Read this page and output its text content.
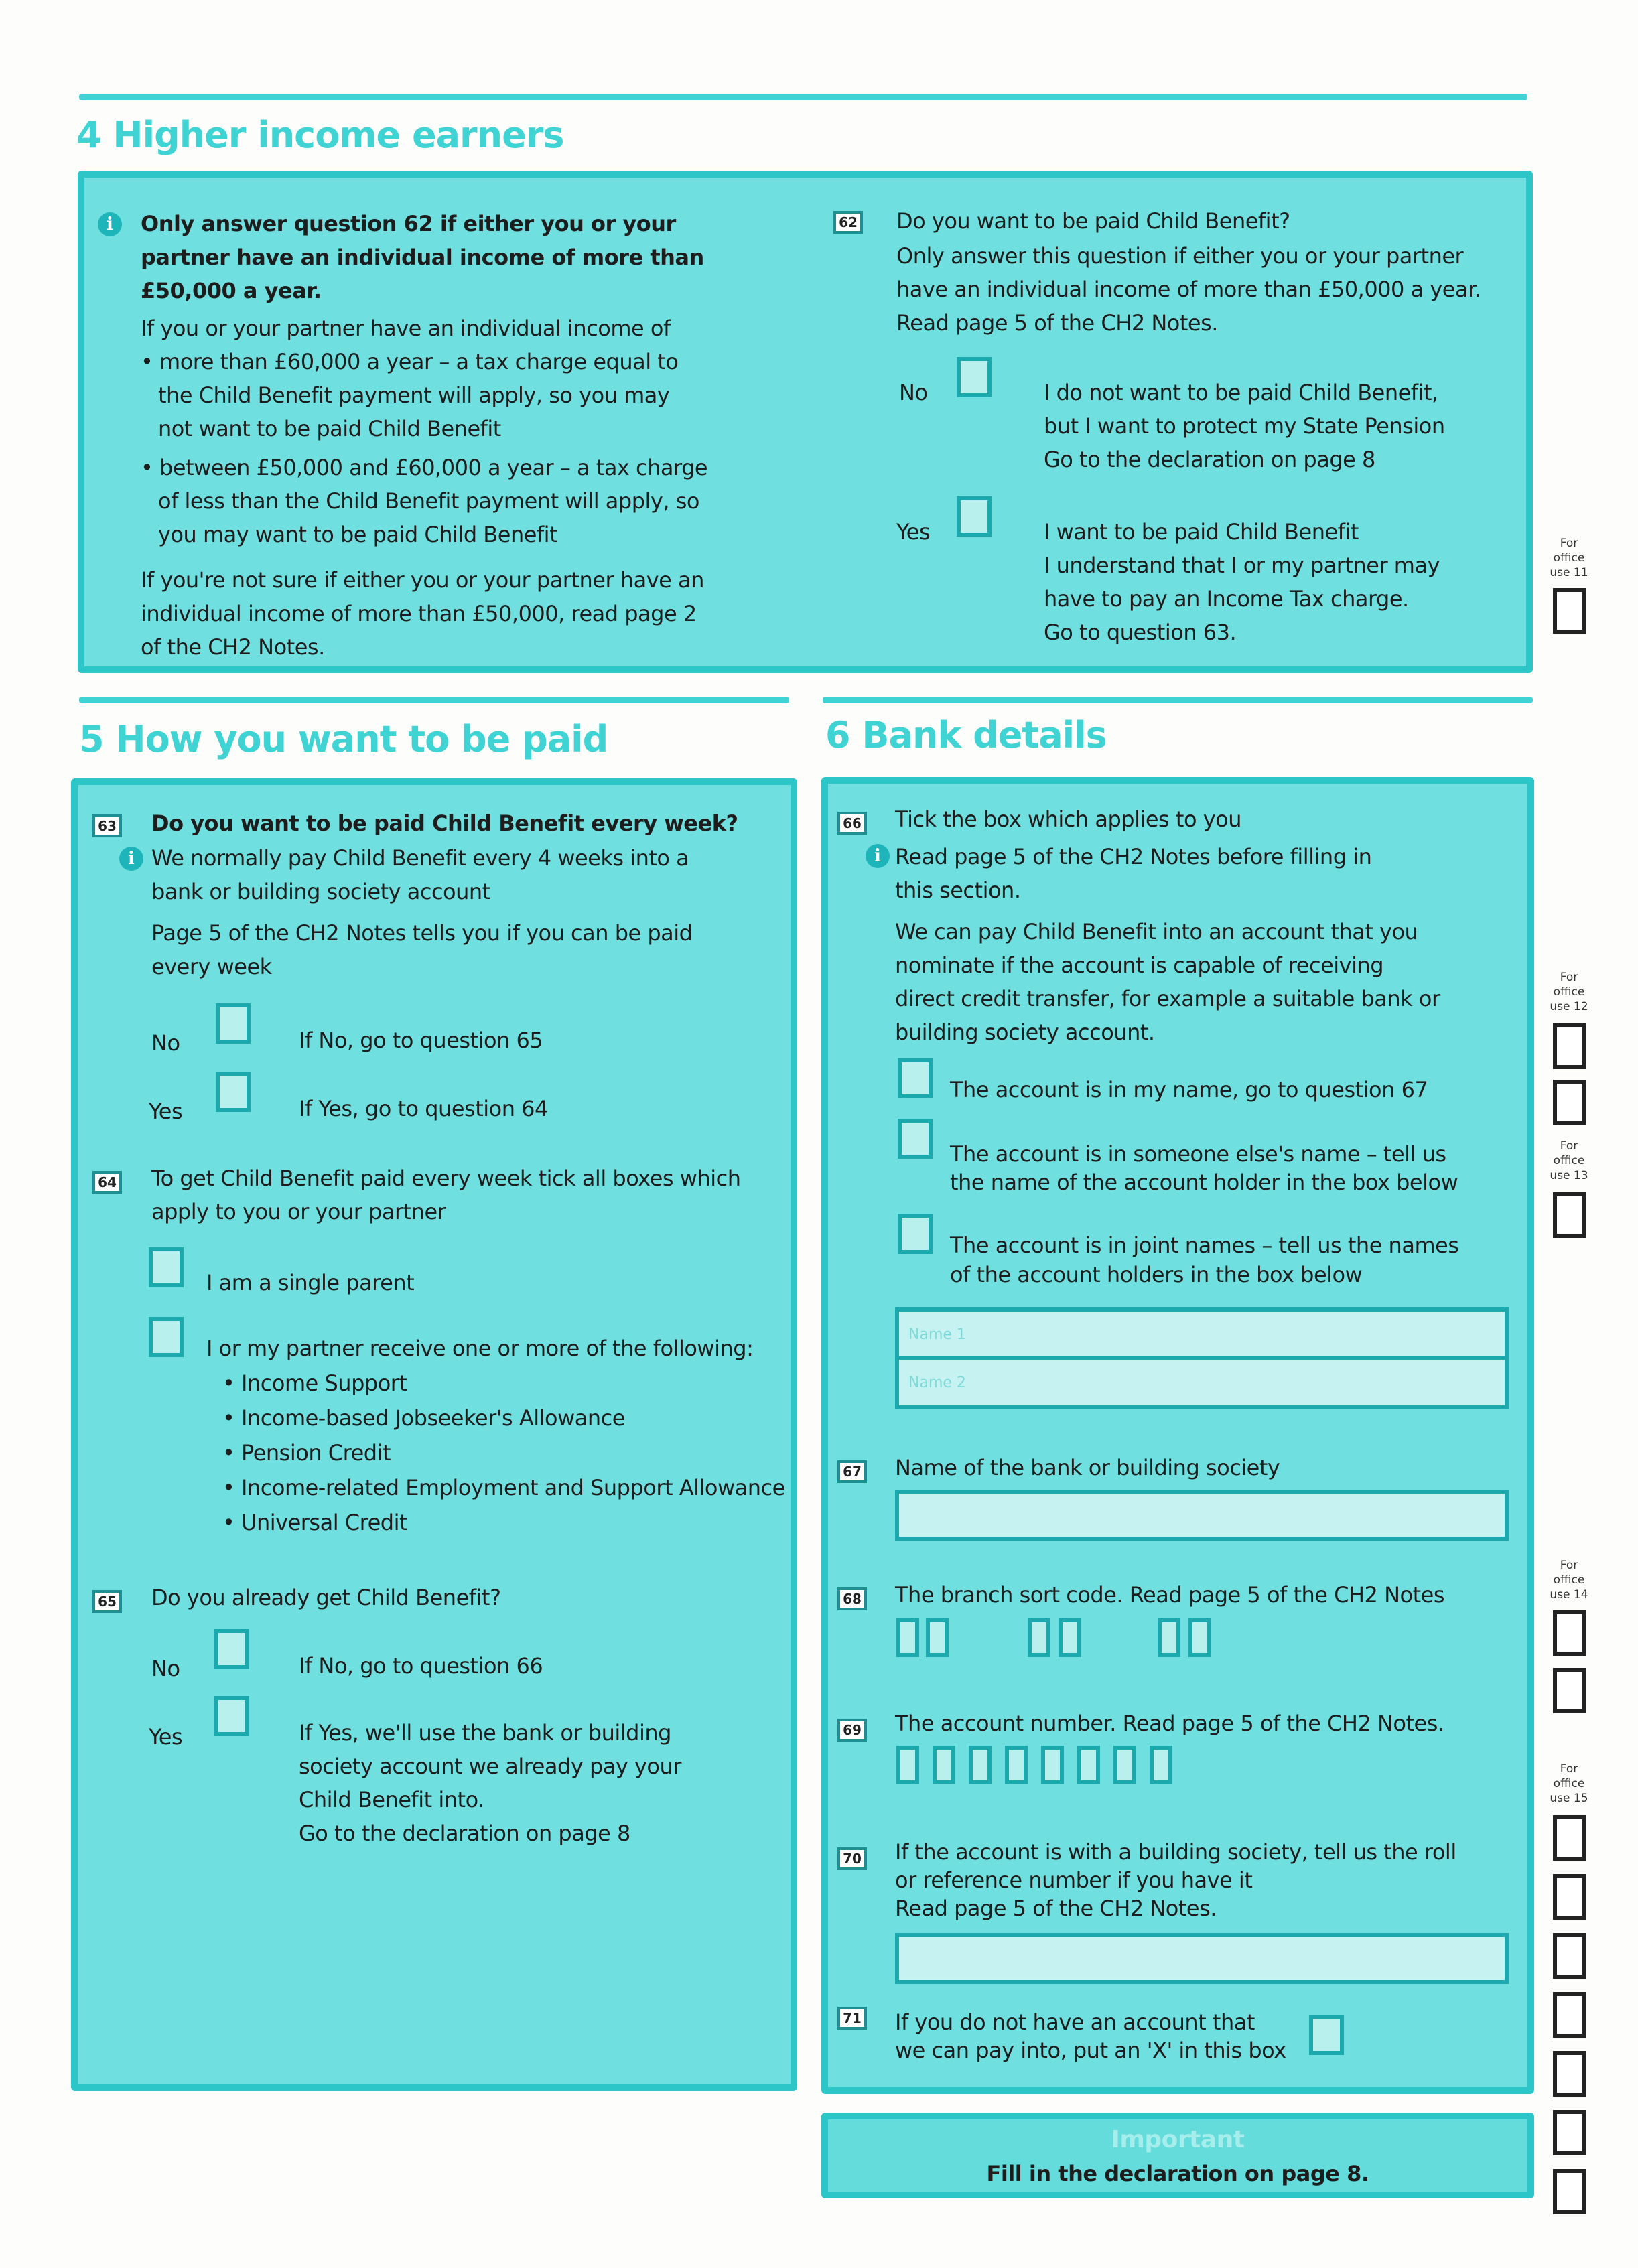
4 Higher income earners
i	Only answer question 62 if either you or your
partner have an individual income of more than
£50,000 a year.
If you or your partner have an individual income of
• more than £60,000 a year – a tax charge equal to
the Child Benefit payment will apply, so you may
not want to be paid Child Benefit
• between £50,000 and £60,000 a year – a tax charge
of less than the Child Benefit payment will apply, so
you may want to be paid Child Benefit
If you're not sure if either you or your partner have an
individual income of more than £50,000, read page 2
of the CH2 Notes.
62 Do you want to be paid Child Benefit?
Only answer this question if either you or your partner
have an individual income of more than £50,000 a year.
Read page 5 of the CH2 Notes.
No	I do not want to be paid Child Benefit,
but I want to protect my State Pension
Go to the declaration on page 8
Yes	I want to be paid Child Benefit
I understand that I or my partner may
have to pay an Income Tax charge.
Go to question 63.
5 How you want to be paid
63 Do you want to be paid Child Benefit every week?
i We normally pay Child Benefit every 4 weeks into a
bank or building society account
Page 5 of the CH2 Notes tells you if you can be paid
every week
No	If No, go to question 65
Yes	If Yes, go to question 64
64 To get Child Benefit paid every week tick all boxes which
apply to you or your partner
I am a single parent
I or my partner receive one or more of the following:
• Income Support
• Income-based Jobseeker's Allowance
• Pension Credit
• Income-related Employment and Support Allowance
• Universal Credit
65 Do you already get Child Benefit?
No	If No, go to question 66
Yes	If Yes, we'll use the bank or building
society account we already pay your
Child Benefit into.
Go to the declaration on page 8
6 Bank details
66 Tick the box which applies to you
i Read page 5 of the CH2 Notes before filling in
this section.
We can pay Child Benefit into an account that you
nominate if the account is capable of receiving
direct credit transfer, for example a suitable bank or
building society account.
The account is in my name, go to question 67
The account is in someone else's name – tell us
the name of the account holder in the box below
The account is in joint names – tell us the names
of the account holders in the box below
Name 1
Name 2
67 Name of the bank or building society
68 The branch sort code. Read page 5 of the CH2 Notes
69 The account number. Read page 5 of the CH2 Notes.
70 If the account is with a building society, tell us the roll
or reference number if you have it
Read page 5 of the CH2 Notes.
71 If you do not have an account that
we can pay into, put an 'X' in this box
Important
Fill in the declaration on page 8.
For
office
use 11
For
office
use 12
For
office
use 13
For
office
use 14
For
office
use 15
